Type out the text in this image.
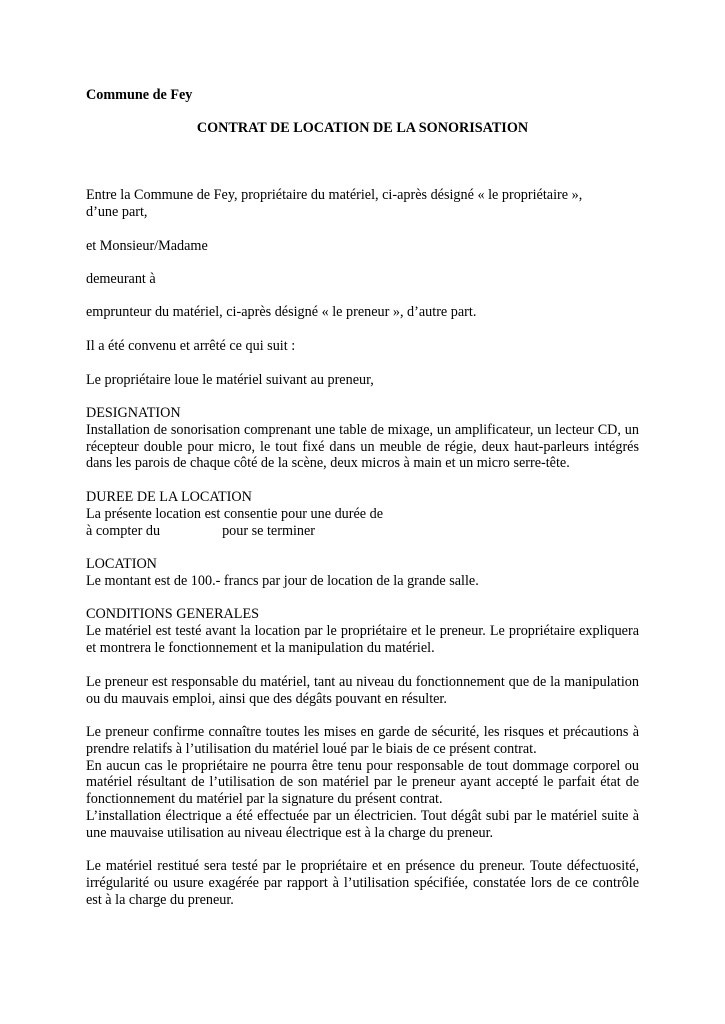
Commune de Fey
CONTRAT DE LOCATION DE LA SONORISATION
Entre la Commune de Fey, propriétaire du matériel, ci-après désigné « le propriétaire »,
d’une part,
et Monsieur/Madame
demeurant à
emprunteur du matériel, ci-après désigné « le preneur », d’autre part.
Il a été convenu et arrêté ce qui suit :
Le propriétaire loue le matériel suivant au preneur,
DESIGNATION
Installation de sonorisation comprenant une table de mixage, un amplificateur, un lecteur CD, un récepteur double pour micro, le tout fixé dans un meuble de régie, deux haut-parleurs intégrés dans les parois de chaque côté de la scène, deux micros à main et un micro serre-tête.
DUREE DE LA LOCATION
La présente location est consentie pour une durée de
à compter du	pour se terminer
LOCATION
Le montant est de 100.- francs par jour de location de la grande salle.
CONDITIONS GENERALES
Le matériel est testé avant la location par le propriétaire et le preneur. Le propriétaire expliquera et montrera le fonctionnement et la manipulation du matériel.
Le preneur est responsable du matériel, tant au niveau du fonctionnement que de la manipulation ou du mauvais emploi, ainsi que des dégâts pouvant en résulter.
Le preneur confirme connaître toutes les mises en garde de sécurité, les risques et précautions à prendre relatifs à l’utilisation du matériel loué par le biais de ce présent contrat.
En aucun cas le propriétaire ne pourra être tenu pour responsable de tout dommage corporel ou matériel résultant de l’utilisation de son matériel par le preneur ayant accepté le parfait état de fonctionnement du matériel par la signature du présent contrat.
L’installation électrique a été effectuée par un électricien. Tout dégât subi par le matériel suite à une mauvaise utilisation au niveau électrique est à la charge du preneur.
Le matériel restitué sera testé par le propriétaire et en présence du preneur. Toute défectuosité, irrégularité ou usure exagérée par rapport à l’utilisation spécifiée, constatée lors de ce contrôle est à la charge du preneur.
